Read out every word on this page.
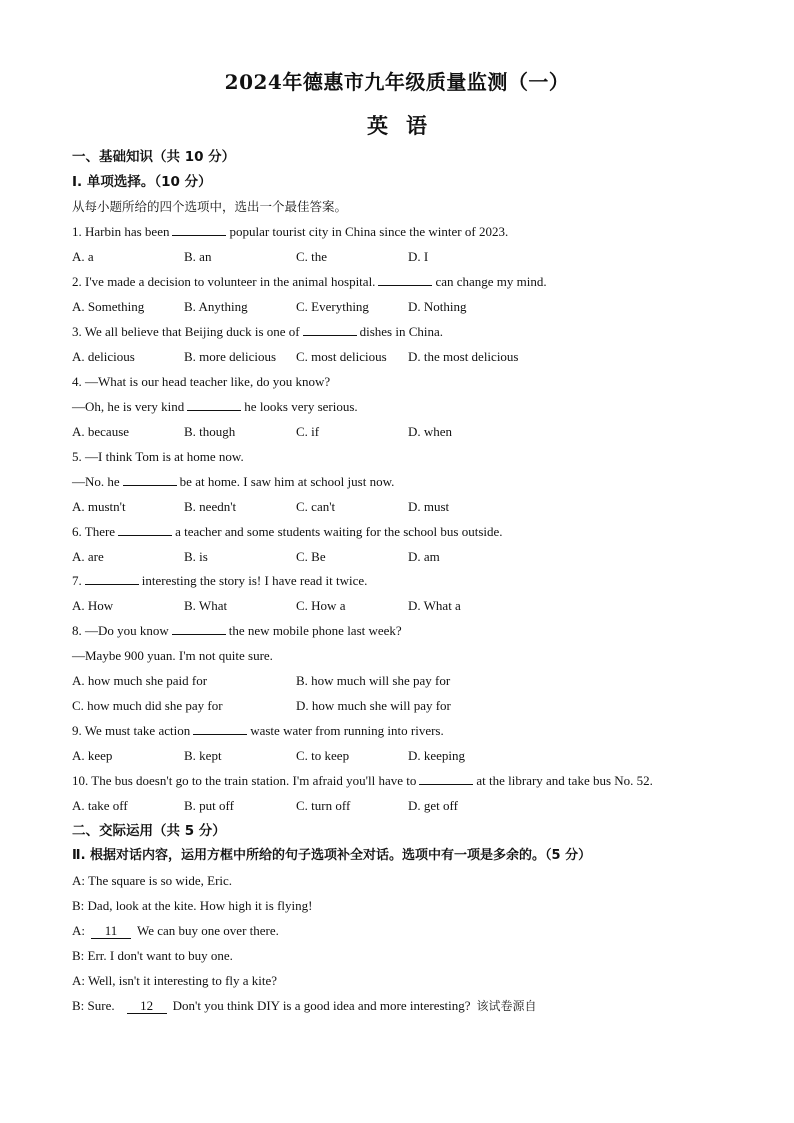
2024年德惠市九年级质量监测（一）
英语
一、基础知识（共 10 分）
I. 单项选择。（10 分）
从每小题所给的四个选项中，选出一个最佳答案。
1. Harbin has been	popular tourist city in China since the winter of 2023.
A. a	B. an	C. the	D. I
2. I've made a decision to volunteer in the animal hospital.	can change my mind.
A. Something	B. Anything	C. Everything	D. Nothing
3. We all believe that Beijing duck is one of	dishes in China.
A. delicious	B. more delicious C. most delicious D. the most delicious
4. —What is our head teacher like, do you know?
—Oh, he is very kind	he looks very serious.
A. because	B. though	C. if	D. when
5. —I think Tom is at home now.
—No. he	be at home. I saw him at school just now.
A. mustn't	B. needn't	C. can't	D. must
6. There	a teacher and some students waiting for the school bus outside.
A. are	B. is	C. Be	D. am
7.	interesting the story is! I have read it twice.
A. How	B. What	C. How a	D. What a
8. —Do you know	the new mobile phone last week?
—Maybe 900 yuan. I'm not quite sure.
A. how much she paid for	B. how much will she pay for
C. how much did she pay for	D. how much she will pay for
9. We must take action	waste water from running into rivers.
A. keep	B. kept	C. to keep	D. keeping
10. The bus doesn't go to the train station. I'm afraid you'll have to	at the library and take bus No. 52.
A. take off	B. put off	C. turn off	D. get off
二、交际运用（共 5 分）
Ⅱ. 根据对话内容，运用方框中所给的句子选项补全对话。选项中有一项是多余的。（5 分）
A: The square is so wide, Eric.
B: Dad, look at the kite. How high it is flying!
A: 11 We can buy one over there.
B: Err. I don't want to buy one.
A: Well, isn't it interesting to fly a kite?
B: Sure. 12 Don't you think DIY is a good idea and more interesting? 该试卷源自
